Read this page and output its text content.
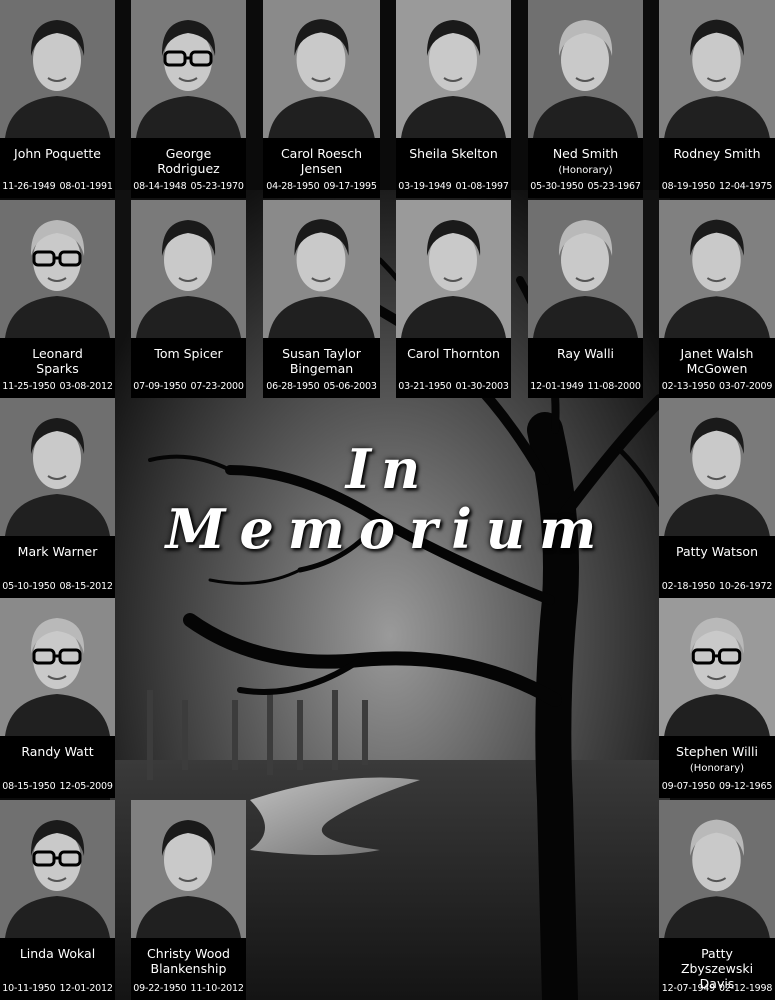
In
Memorium
John Poquette
11-26-1949 08-01-1991
George Rodriguez
08-14-1948 05-23-1970
Carol Roesch Jensen
04-28-1950 09-17-1995
Sheila Skelton
03-19-1949 01-08-1997
Ned Smith
(Honorary)
05-30-1950 05-23-1967
Rodney Smith
08-19-1950 12-04-1975
Leonard Sparks
11-25-1950 03-08-2012
Tom Spicer
07-09-1950 07-23-2000
Susan Taylor Bingeman
06-28-1950 05-06-2003
Carol Thornton
03-21-1950 01-30-2003
Ray Walli
12-01-1949 11-08-2000
Janet Walsh McGowen
02-13-1950 03-07-2009
Mark Warner
05-10-1950 08-15-2012
Patty Watson
02-18-1950 10-26-1972
Randy Watt
08-15-1950 12-05-2009
Stephen Willi
(Honorary)
09-07-1950 09-12-1965
Linda Wokal
10-11-1950 12-01-2012
Christy Wood Blankenship
09-22-1950 11-10-2012
Patty Zbyszewski Davis
12-07-1949 02-12-1998
